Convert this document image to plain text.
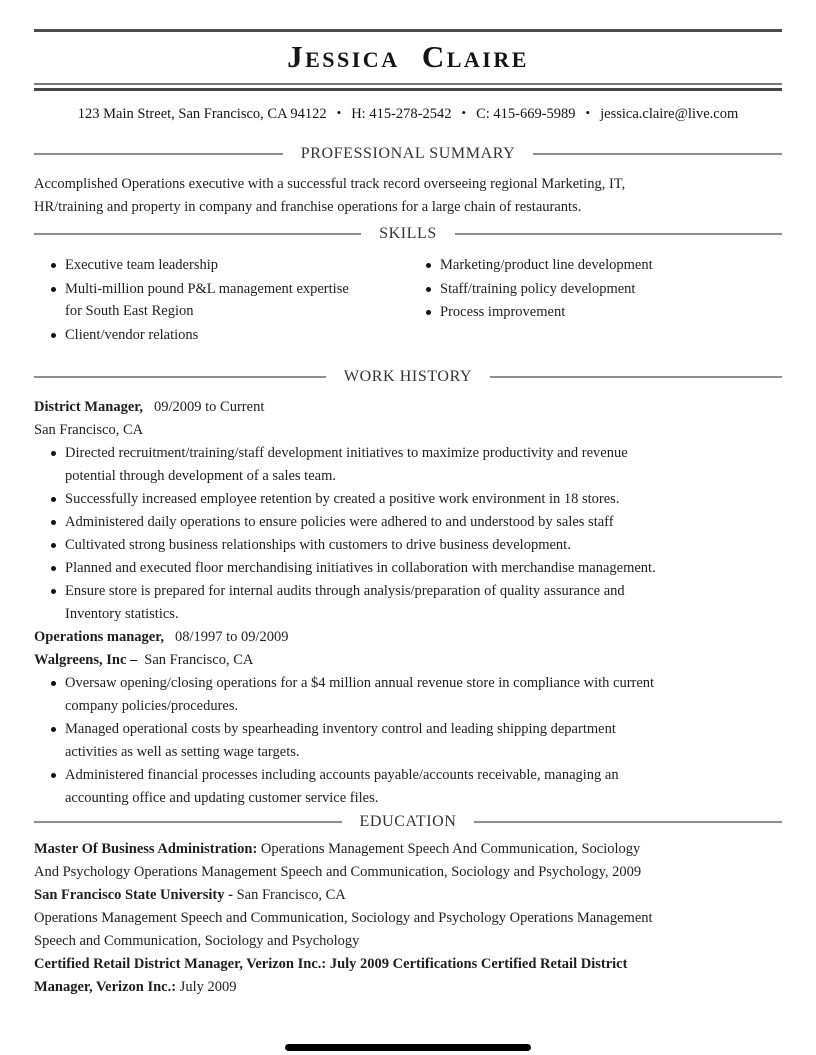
Jessica Claire
123 Main Street, San Francisco, CA 94122 • H: 415-278-2542 • C: 415-669-5989 • jessica.claire@live.com
PROFESSIONAL SUMMARY

Accomplished Operations executive with a successful track record overseeing regional Marketing, IT, HR/training and property in company and franchise operations for a large chain of restaurants.

SKILLS
Executive team leadership
Multi-million pound P&L management expertise for South East Region
Client/vendor relations
Marketing/product line development
Staff/training policy development
Process improvement
WORK HISTORY

District Manager, 09/2009 to Current

San Francisco, CA

Directed recruitment/training/staff development initiatives to maximize productivity and revenue potential through development of a sales team.
Successfully increased employee retention by created a positive work environment in 18 stores.
Administered daily operations to ensure policies were adhered to and understood by sales staff
Cultivated strong business relationships with customers to drive business development.
Planned and executed floor merchandising initiatives in collaboration with merchandise management.
Ensure store is prepared for internal audits through analysis/preparation of quality assurance and Inventory statistics.

Operations manager, 08/1997 to 09/2009

Walgreens, Inc – San Francisco, CA

Oversaw opening/closing operations for a $4 million annual revenue store in compliance with current company policies/procedures.
Managed operational costs by spearheading inventory control and leading shipping department activities as well as setting wage targets.
Administered financial processes including accounts payable/accounts receivable, managing an accounting office and updating customer service files.
EDUCATION

Master Of Business Administration: Operations Management Speech And Communication, Sociology And Psychology Operations Management Speech and Communication, Sociology and Psychology, 2009

San Francisco State University - San Francisco, CA

Operations Management Speech and Communication, Sociology and Psychology Operations Management Speech and Communication, Sociology and Psychology

Certified Retail District Manager, Verizon Inc.: July 2009 Certifications Certified Retail District Manager, Verizon Inc.: July 2009
